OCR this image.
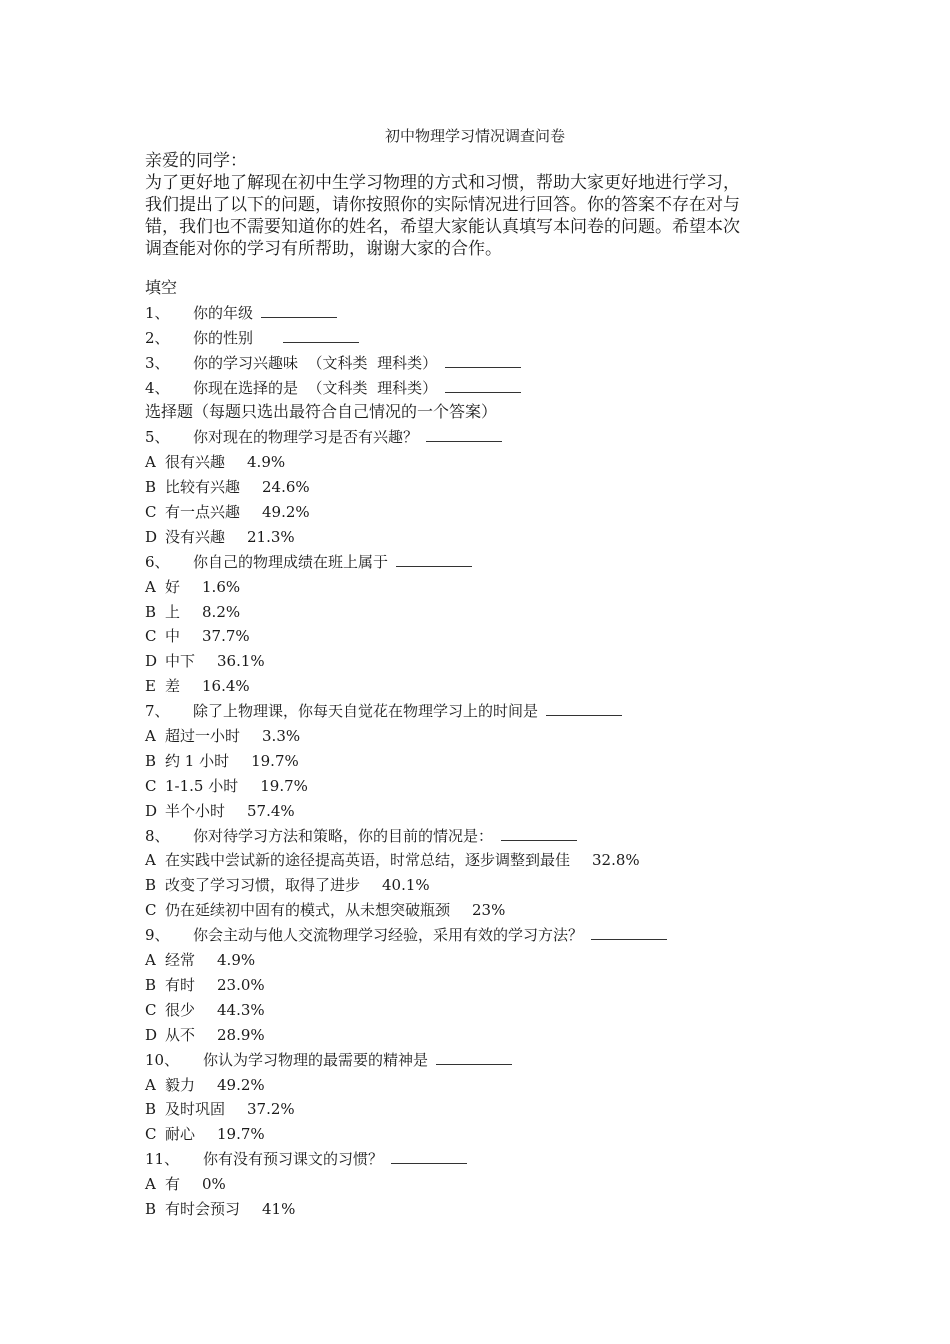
初中物理学习情况调查问卷

亲爱的同学：

为了更好地了解现在初中生学习物理的方式和习惯，帮助大家更好地进行学习，

我们提出了以下的问题，请你按照你的实际情况进行回答。你的答案不存在对与

错，我们也不需要知道你的姓名，希望大家能认真填写本问卷的问题。希望本次

调查能对你的学习有所帮助，谢谢大家的合作。

填空
1、 你的年级
2、 你的性别
3、 你的学习兴趣味  （文科类  理科类）
4、 你现在选择的是  （文科类  理科类）
选择题（每题只选出最符合自己情况的一个答案）
5、 你对现在的物理学习是否有兴趣？
A 很有兴趣 4.9%
B 比较有兴趣 24.6%
C 有一点兴趣 49.2%
D 没有兴趣 21.3%
6、 你自己的物理成绩在班上属于
A 好 1.6%
B 上 8.2%
C 中 37.7%
D 中下 36.1%
E 差 16.4%
7、 除了上物理课，你每天自觉花在物理学习上的时间是
A 超过一小时 3.3%
B 约 1 小时 19.7%
C 1-1.5 小时 19.7%
D 半个小时 57.4%
8、 你对待学习方法和策略，你的目前的情况是：
A 在实践中尝试新的途径提高英语，时常总结，逐步调整到最佳 32.8%
B 改变了学习习惯，取得了进步 40.1%
C 仍在延续初中固有的模式，从未想突破瓶颈 23%
9、 你会主动与他人交流物理学习经验，采用有效的学习方法？
A 经常 4.9%
B 有时 23.0%
C 很少 44.3%
D 从不 28.9%
10、 你认为学习物理的最需要的精神是
A 毅力 49.2%
B 及时巩固 37.2%
C 耐心 19.7%
11、 你有没有预习课文的习惯？
A 有 0%
B 有时会预习 41%
